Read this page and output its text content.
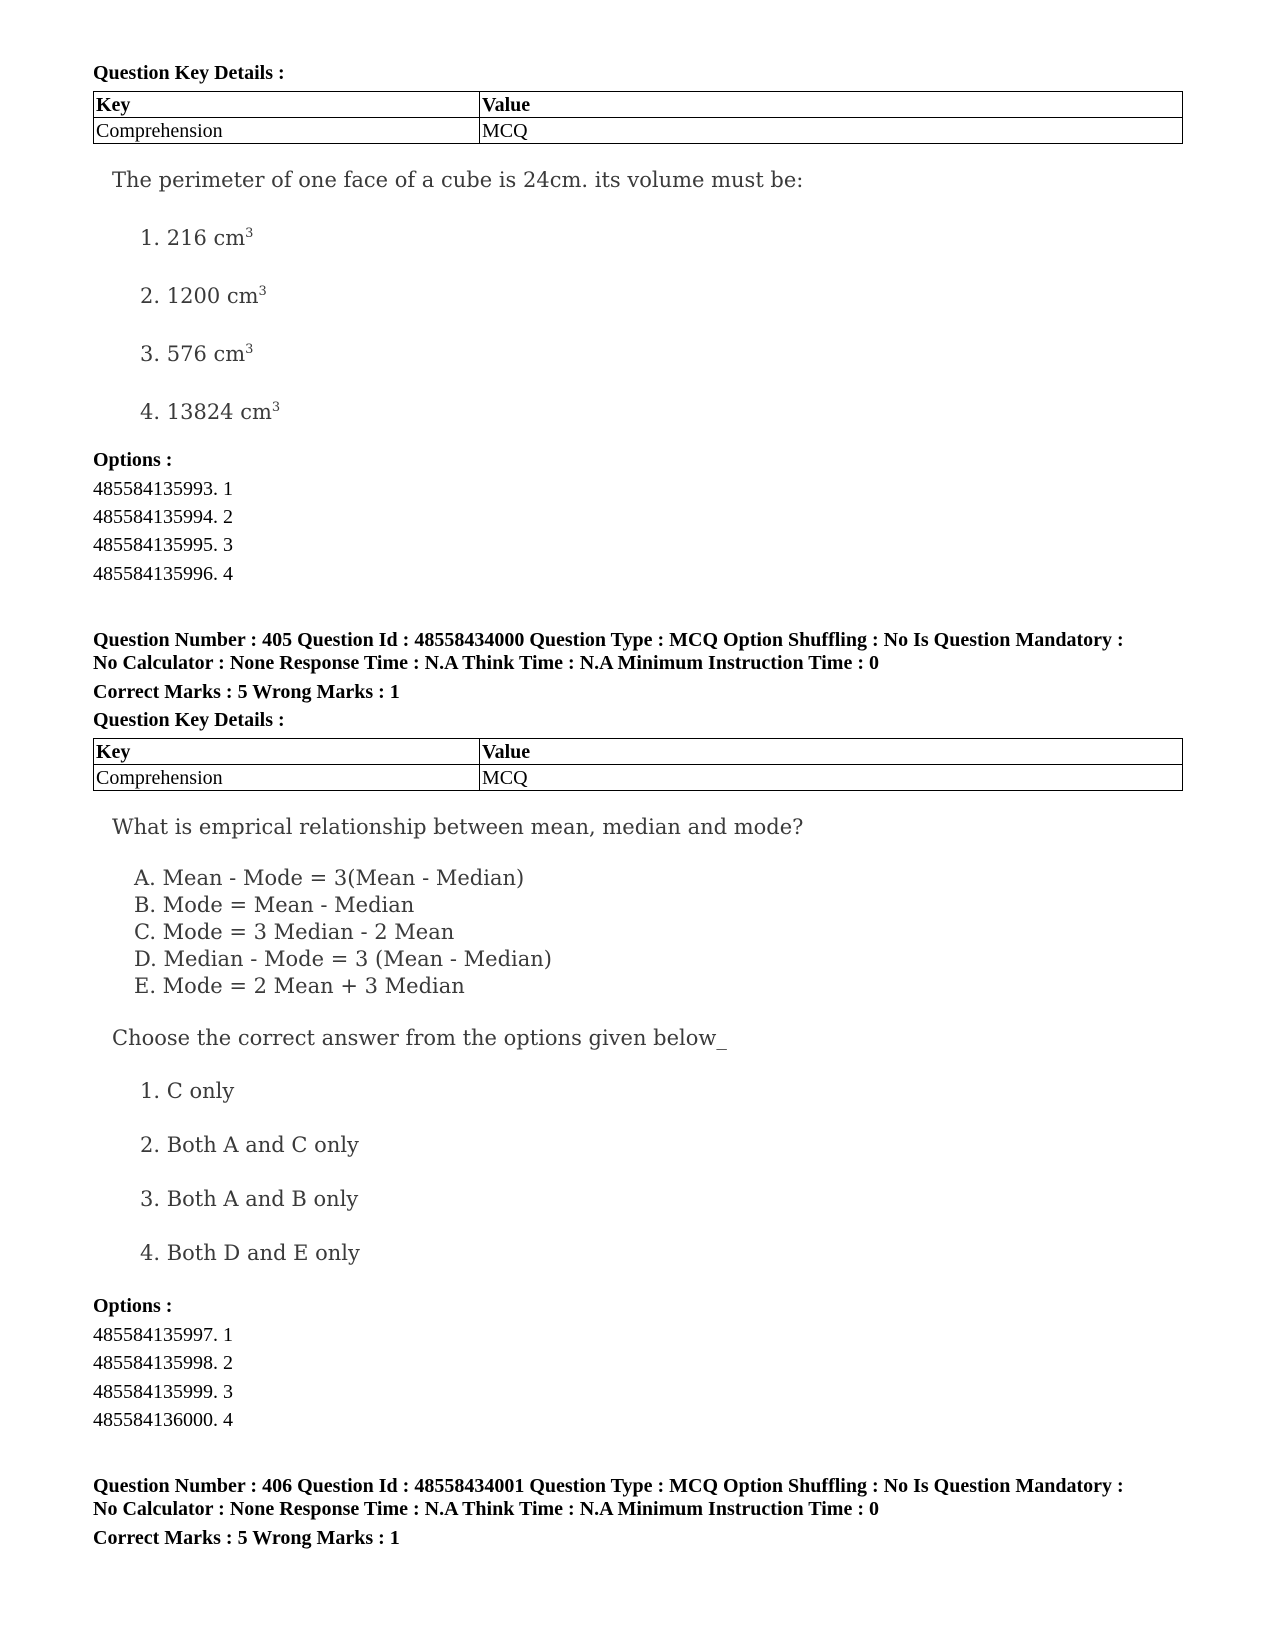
Question Key Details :
Key	Value
Comprehension	MCQ
The perimeter of one face of a cube is 24cm. its volume must be:
1. 216 $cm^3$
2. 1200 $cm^3$
3. 576 $cm^3$
4. 13824 $cm^3$
Options :
485584135993. 1
485584135994. 2
485584135995. 3
485584135996. 4
Question Number : 405 Question Id : 48558434000 Question Type : MCQ Option Shuffling : No Is Question Mandatory :
No Calculator : None Response Time : N.A Think Time : N.A Minimum Instruction Time : 0
Correct Marks : 5 Wrong Marks : 1
Question Key Details :
Key	Value
Comprehension	MCQ
What is emprical relationship between mean, median and mode?
A. Mean - Mode = 3(Mean - Median)
B. Mode = Mean - Median
C. Mode = 3 Median - 2 Mean
D. Median - Mode = 3 (Mean - Median)
E. Mode = 2 Mean + 3 Median
Choose the correct answer from the options given below_
1. C only
2. Both A and C only
3. Both A and B only
4. Both D and E only
Options :
485584135997. 1
485584135998. 2
485584135999. 3
485584136000. 4
Question Number : 406 Question Id : 48558434001 Question Type : MCQ Option Shuffling : No Is Question Mandatory :
No Calculator : None Response Time : N.A Think Time : N.A Minimum Instruction Time : 0
Correct Marks : 5 Wrong Marks : 1
